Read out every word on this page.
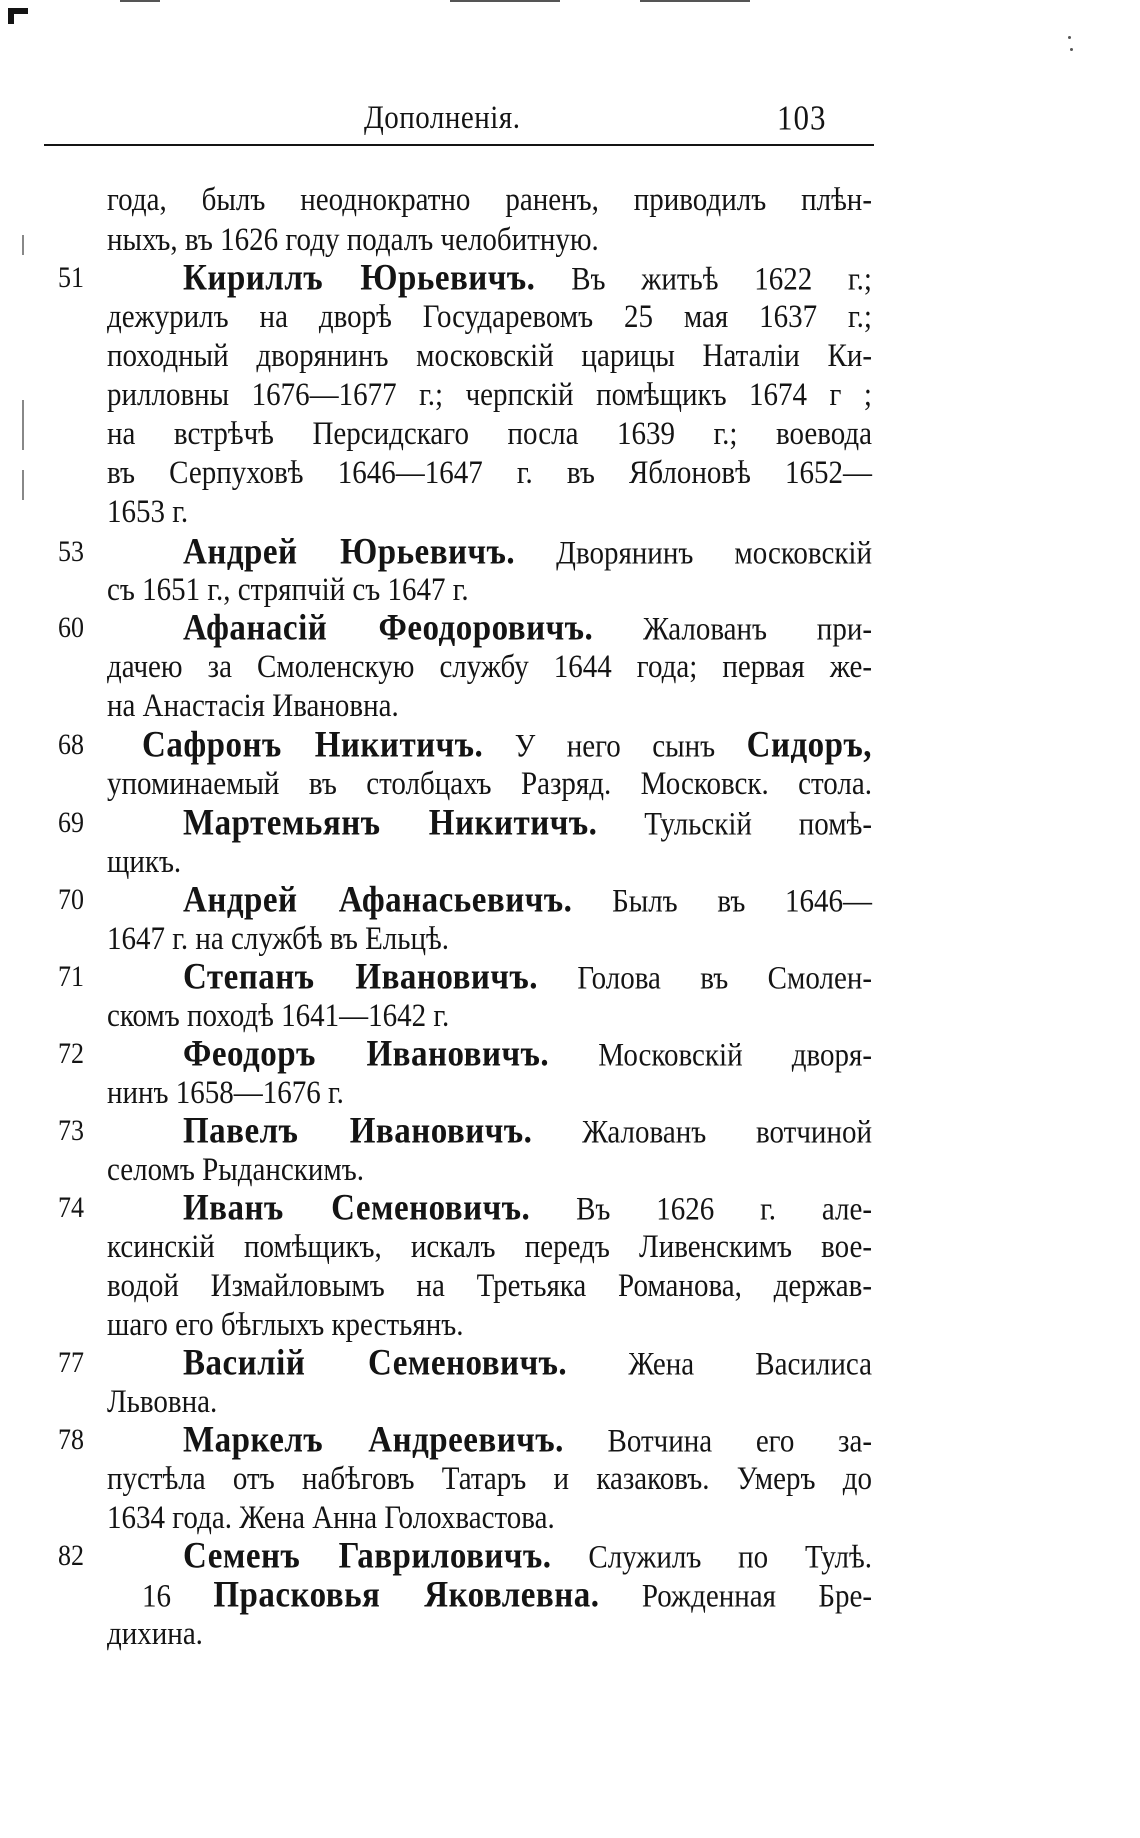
Дополненія.	103
года, былъ неоднократно раненъ, приводилъ плѣн-
ныхъ, въ 1626 году подалъ челобитную.
51	Кириллъ Юрьевичъ. Въ житьѣ 1622 г.;
дежурилъ на дворѣ Государевомъ 25 мая 1637 г.;
походный дворянинъ московскій царицы Наталіи Ки-
рилловны 1676—1677 г.; черпскій помѣщикъ 1674 г ;
на встрѣчѣ Персидскаго посла 1639 г.; воевода
въ Серпуховѣ 1646—1647 г. въ Яблоновѣ 1652—
1653 г.
53	Андрей Юрьевичъ. Дворянинъ московскій
съ 1651 г., стряпчій съ 1647 г.
60	Афанасій Феодоровичъ. Жалованъ при-
дачею за Смоленскую службу 1644 года; первая же-
на Анастасія Ивановна.
68	Сафронъ Никитичъ. У него сынъ Сидоръ,
упоминаемый въ столбцахъ Разряд. Московск. стола.
69	Мартемьянъ Никитичъ. Тульскій помѣ-
щикъ.
70	Андрей Афанасьевичъ. Былъ въ 1646—
1647 г. на службѣ въ Ельцѣ.
71	Степанъ Ивановичъ. Голова въ Смолен-
скомъ походѣ 1641—1642 г.
72	Феодоръ Ивановичъ. Московскій дворя-
нинъ 1658—1676 г.
73	Павелъ Ивановичъ. Жалованъ вотчиной
селомъ Рыданскимъ.
74	Иванъ Семеновичъ. Въ 1626 г. але-
ксинскій помѣщикъ, искалъ передъ Ливенскимъ вое-
водой Измайловымъ на Третьяка Романова, держав-
шаго его бѣглыхъ крестьянъ.
77	Василій Семеновичъ. Жена Василиса
Львовна.
78	Маркелъ Андреевичъ. Вотчина его за-
пустѣла отъ набѣговъ Татаръ и казаковъ. Умеръ до
1634 года. Жена Анна Голохвастова.
82	Семенъ Гавриловичъ. Служилъ по Тулѣ.
16 Прасковья Яковлевна. Рожденная Бре-
дихина.
